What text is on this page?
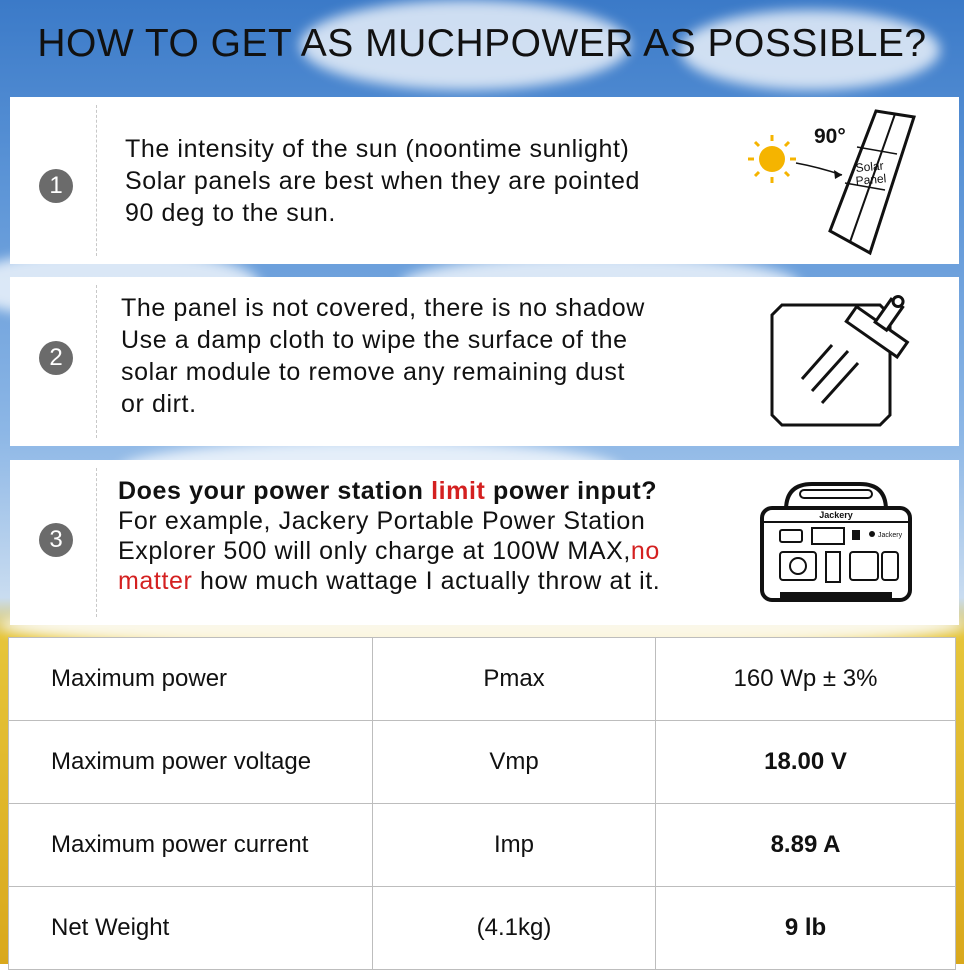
HOW TO GET AS MUCHPOWER AS POSSIBLE?
1
The intensity of the sun (noontime sunlight)
Solar panels are best when they are pointed
90 deg to the sun.
90°
Solar
Panel
2
The panel is not covered, there is no shadow
Use a damp cloth to wipe the surface of the
solar module to remove any remaining dust
or dirt.
3
Does your power station limit power input?
For example, Jackery Portable Power Station
Explorer 500 will only charge at 100W MAX,no
matter how much wattage I actually throw at it.
Jackery
Jackery
Maximum power	Pmax	160 Wp ± 3%
Maximum power voltage	Vmp	18.00 V
Maximum power current	Imp	8.89 A
Net Weight	(4.1kg)	9 lb
